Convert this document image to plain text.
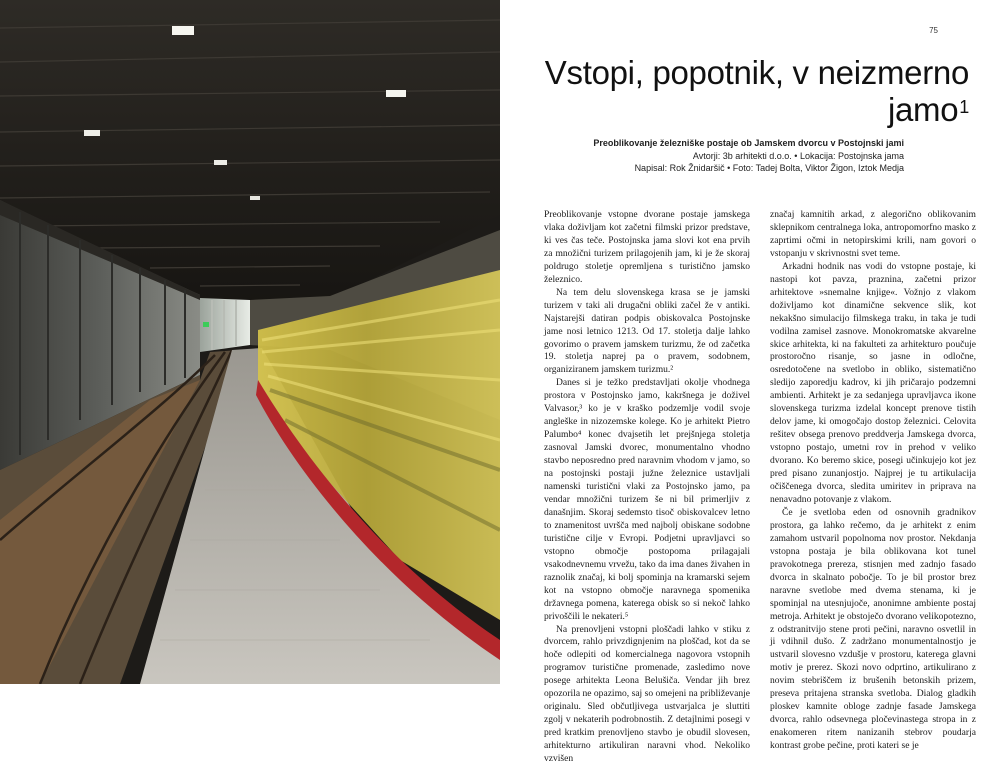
75
Vstopi, popotnik, v neizmerno jamo$^1$
Preoblikovanje železniške postaje ob Jamskem dvorcu v Postojnski jami
Avtorji: 3b arhitekti d.o.o. • Lokacija: Postojnska jama
Napisal: Rok Žnidaršič • Foto: Tadej Bolta, Viktor Žigon, Iztok Medja

Preoblikovanje vstopne dvorane postaje jamskega vlaka doživljam kot začetni filmski prizor predstave, ki ves čas teče. Postojnska jama slovi kot ena prvih za množični turizem prilagojenih jam, ki je že skoraj poldrugo stoletje opremljena s turistično jamsko železnico.

Na tem delu slovenskega krasa se je jamski turizem v taki ali drugačni obliki začel že v antiki. Najstarejši datiran podpis obiskovalca Postojnske jame nosi letnico 1213. Od 17. stoletja dalje lahko govorimo o pravem jamskem turizmu, že od začetka 19. stoletja naprej pa o pravem, sodobnem, organiziranem jamskem turizmu.²

Danes si je težko predstavljati okolje vhodnega prostora v Postojnsko jamo, kakršnega je doživel Valvasor,³ ko je v kraško podzemlje vodil svoje angleške in nizozemske kolege. Ko je arhitekt Pietro Palumbo⁴ konec dvajsetih let prejšnjega stoletja zasnoval Jamski dvorec, monumentalno vhodno stavbo neposredno pred naravnim vhodom v jamo, so na postojnski postaji južne železnice ustavljali namenski turistični vlaki za Postojnsko jamo, pa vendar množični turizem še ni bil primerljiv z današnjim. Skoraj sedemsto tisoč obiskovalcev letno to znamenitost uvršča med najbolj obiskane sodobne turistične cilje v Evropi. Podjetni upravljavci so vstopno območje postopoma prilagajali vsakodnevnemu vrvežu, tako da ima danes živahen in raznolik značaj, ki bolj spominja na kramarski sejem kot na vstopno območje naravnega spomenika državnega pomena, katerega obisk so si nekoč lahko privoščili le nekateri.⁵

Na prenovljeni vstopni ploščadi lahko v stiku z dvorcem, rahlo privzdignjenim na ploščad, kot da se hoče odlepiti od komercialnega nagovora vstopnih programov turistične promenade, zasledimo nove posege arhitekta Leona Belušiča. Vendar jih brez opozorila ne opazimo, saj so omejeni na približevanje originalu. Sled občutljivega ustvarjalca je sluttiti zgolj v nekaterih podrobnostih. Z detajlnimi posegi v pred kratkim prenovljeno stavbo je obudil slovesen, arhitekturno artikuliran naravni vhod. Nekoliko vzvišen

značaj kamnitih arkad, z alegorično oblikovanim sklepnikom centralnega loka, antropomorfno masko z zaprtimi očmi in netopirskimi krili, nam govori o vstopanju v skrivnostni svet teme.

Arkadni hodnik nas vodi do vstopne postaje, ki nastopi kot pavza, praznina, začetni prizor arhitektove »snemalne knjige«. Vožnjo z vlakom doživljamo kot dinamične sekvence slik, kot nekakšno simulacijo filmskega traku, in taka je tudi vodilna zamisel zasnove. Monokromatske akvarelne skice arhitekta, ki na fakulteti za arhitekturo poučuje prostoročno risanje, so jasne in odločne, osredotočene na svetlobo in obliko, sistematično sledijo zaporedju kadrov, ki jih pričarajo podzemni ambienti. Arhitekt je za sedanjega upravljavca ikone slovenskega turizma izdelal koncept prenove tistih delov jame, ki omogočajo dostop železnici. Celovita rešitev obsega prenovo preddverja Jamskega dvorca, vstopno postajo, umetni rov in prehod v veliko dvorano. Ko beremo skice, posegi učinkujejo kot jez pred pisano zunanjostjo. Najprej je tu artikulacija očiščenega dvorca, sledita umiritev in priprava na nenavadno potovanje z vlakom.

Če je svetloba eden od osnovnih gradnikov prostora, ga lahko rečemo, da je arhitekt z enim zamahom ustvaril popolnoma nov prostor. Nekdanja vstopna postaja je bila oblikovana kot tunel pravokotnega prereza, stisnjen med zadnjo fasado dvorca in skalnato pobočje. To je bil prostor brez naravne svetlobe med dvema stenama, ki je spominjal na utesnjujoče, anonimne ambiente postaj metroja. Arhitekt je obstoječo dvorano velikopotezno, z odstranitvijo stene proti pečini, naravno osvetlil in ji vdihnil dušo. Z zadržano monumentalnostjo je ustvaril slovesno vzdušje v prostoru, katerega glavni motiv je prerez. Skozi novo odprtino, artikulirano z novim stebriščem iz brušenih betonskih prizem, preseva pritajena stranska svetloba. Dialog gladkih ploskev kamnite obloge zadnje fasade Jamskega dvorca, rahlo odsevnega pločevinastega stropa in z enakomeren ritem nanizanih stebrov poudarja kontrast grobe pečine, proti kateri se je
